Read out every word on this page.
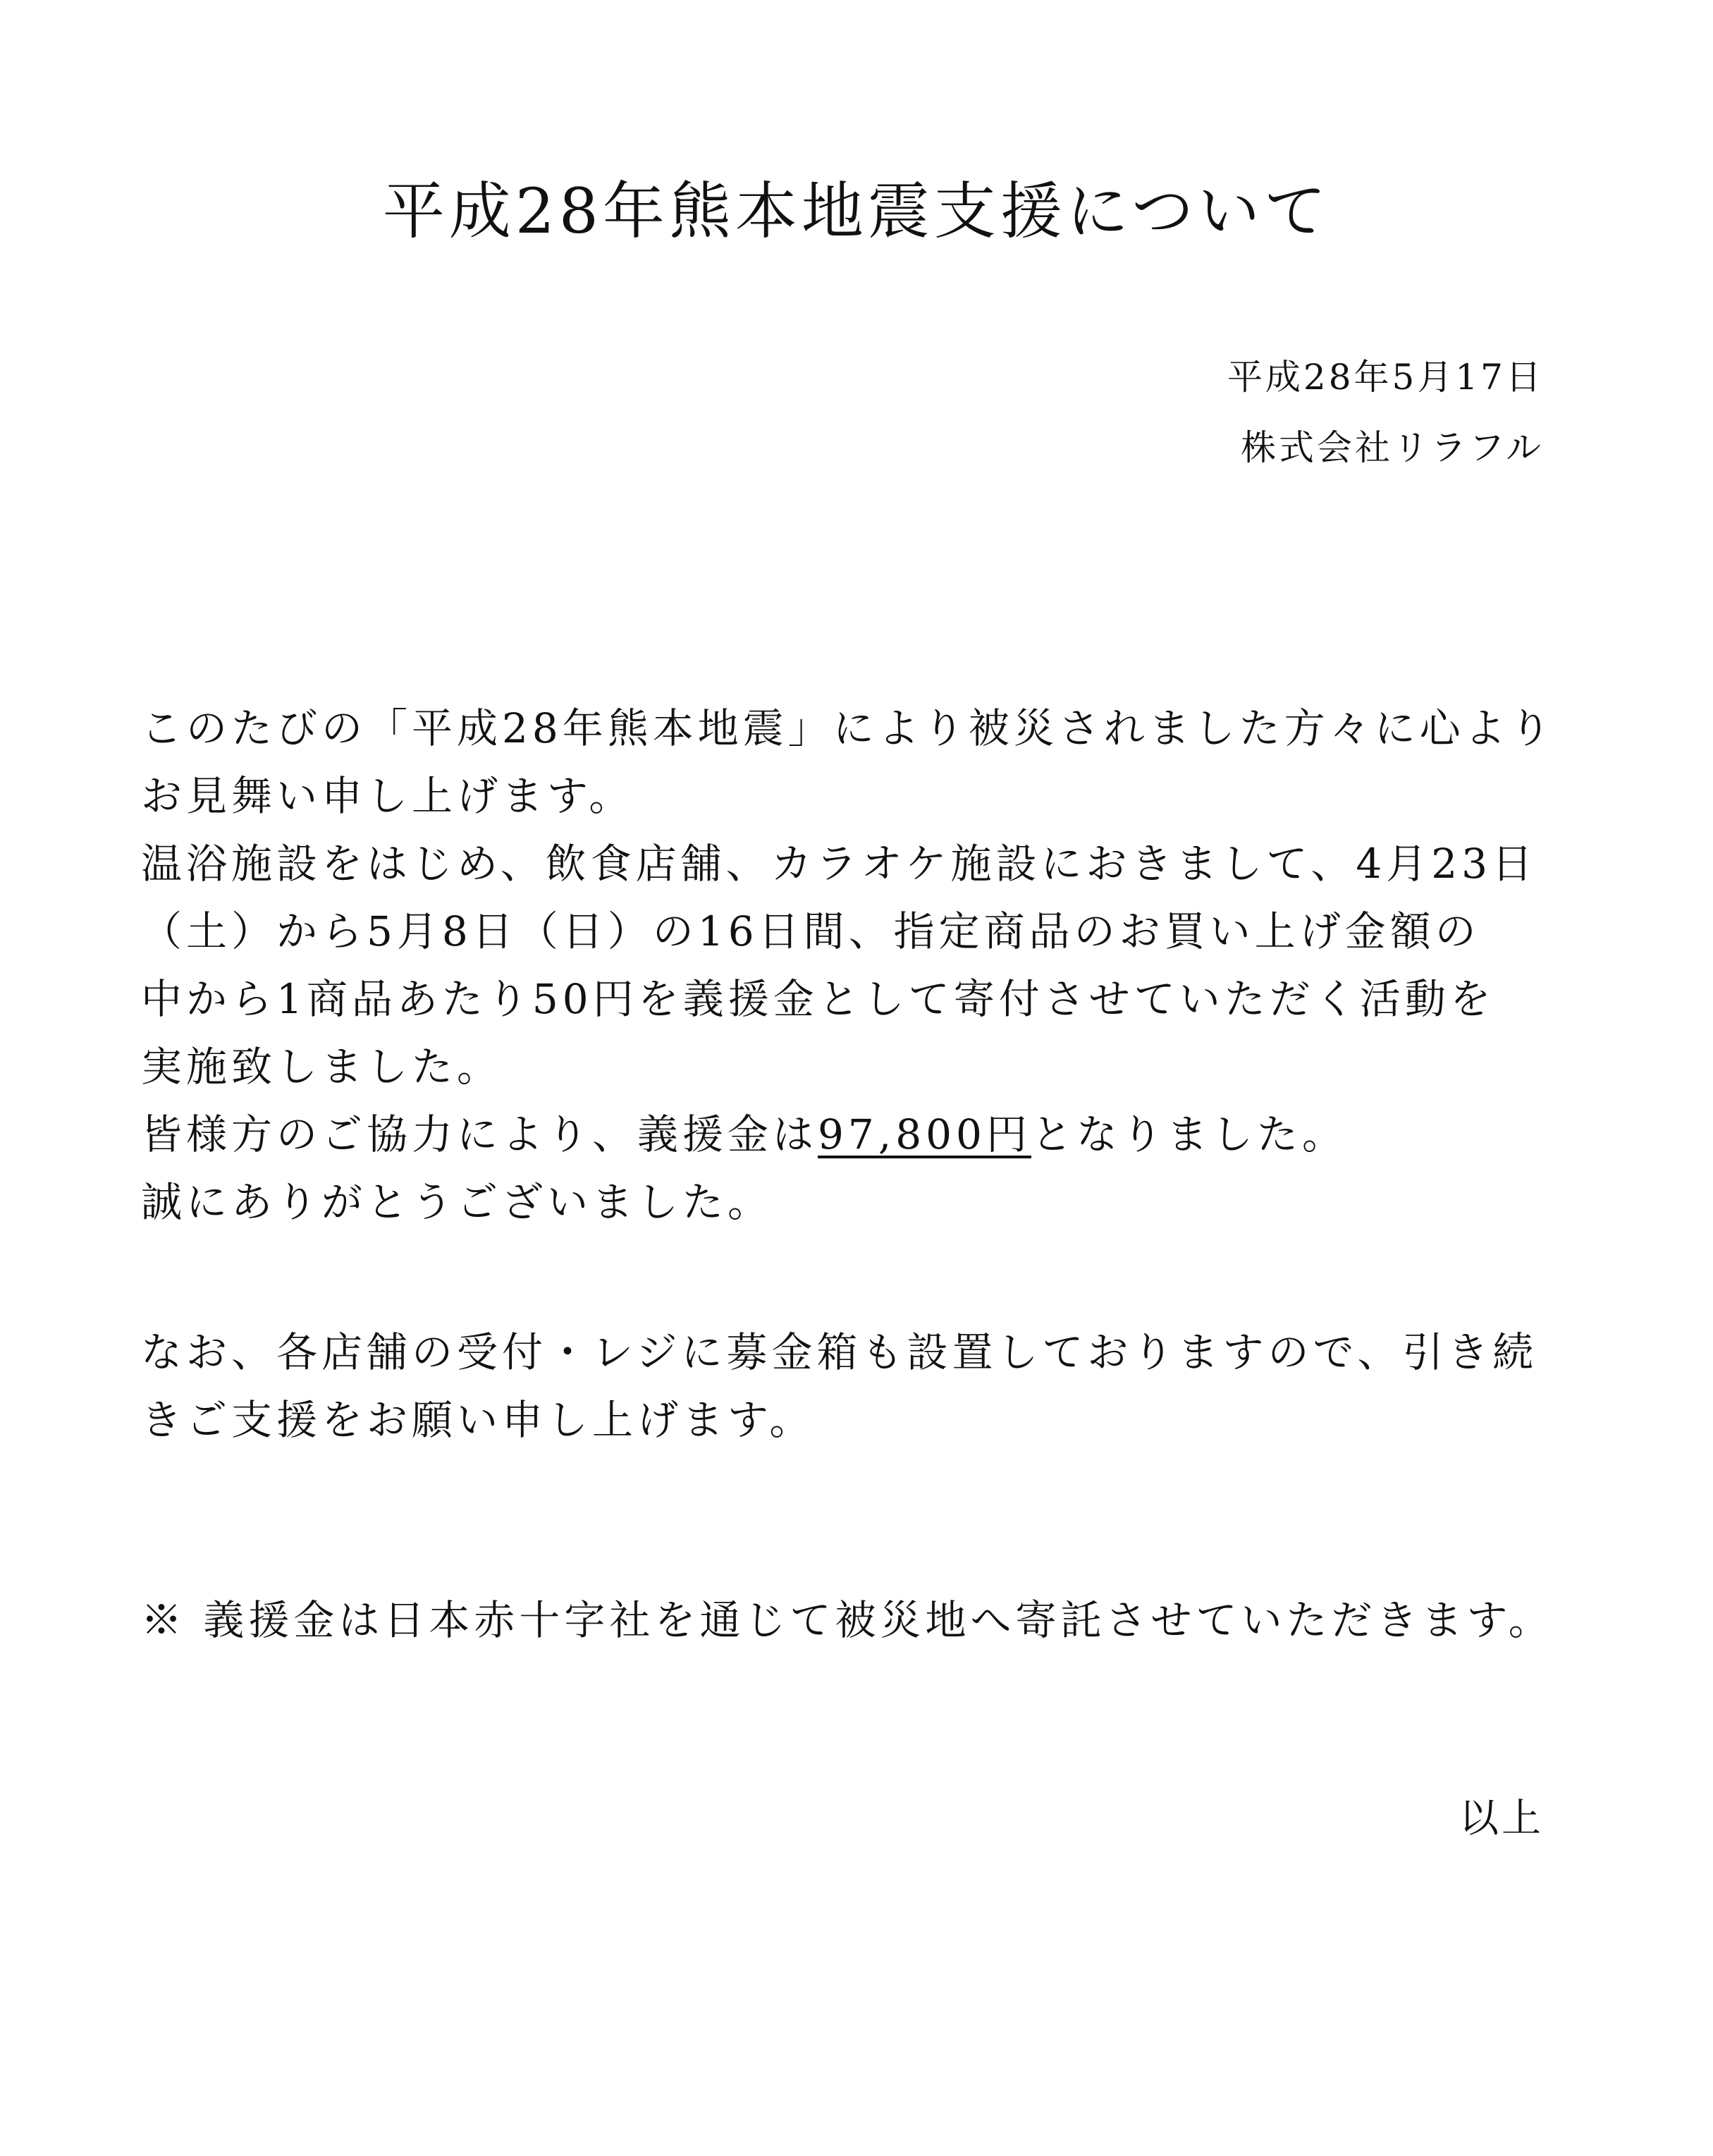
平成28年熊本地震支援について
平成28年5月17日
株式会社リラフル

このたびの「平成28年熊本地震」により被災されました方々に心より

お見舞い申し上げます。

温浴施設をはじめ、飲食店舗、カラオケ施設におきまして、4月23日

（土）から5月8日（日）の16日間、指定商品のお買い上げ金額の

中から1商品あたり50円を義援金として寄付させていただく活動を

実施致しました。

皆様方のご協力により、義援金は97,800円となりました。

誠にありがとうございました。

なお、各店舗の受付・レジに募金箱も設置しておりますので、引き続

きご支援をお願い申し上げます。

※ 義援金は日本赤十字社を通じて被災地へ寄託させていただきます。

以上
